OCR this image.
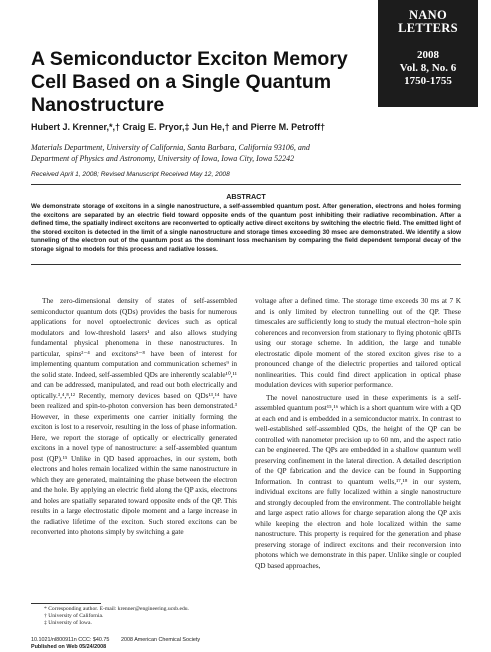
NANO
LETTERS
2008
Vol. 8, No. 6
1750-1755
A Semiconductor Exciton Memory Cell Based on a Single Quantum Nanostructure
Hubert J. Krenner,*,† Craig E. Pryor,‡ Jun He,† and Pierre M. Petroff†
Materials Department, University of California, Santa Barbara, California 93106, and
Department of Physics and Astronomy, University of Iowa, Iowa City, Iowa 52242
Received April 1, 2008; Revised Manuscript Received May 12, 2008
ABSTRACT
We demonstrate storage of excitons in a single nanostructure, a self-assembled quantum post. After generation, electrons and holes forming the excitons are separated by an electric field toward opposite ends of the quantum post inhibiting their radiative recombination. After a defined time, the spatially indirect excitons are reconverted to optically active direct excitons by switching the electric field. The emitted light of the stored exciton is detected in the limit of a single nanostructure and storage times exceeding 30 msec are demonstrated. We identify a slow tunneling of the electron out of the quantum post as the dominant loss mechanism by comparing the field dependent temporal decay of the storage signal to models for this process and radiative losses.

The zero-dimensional density of states of self-assembled semiconductor quantum dots (QDs) provides the basis for numerous applications for novel optoelectronic devices such as optical modulators and low-threshold lasers¹ and also allows studying fundamental physical phenomena in these nanostructures. In particular, spins²⁻⁴ and excitons⁵⁻⁸ have been of interest for implementing quantum computation and communication schemes⁹ in the solid state. Indeed, self-assembled QDs are inherently scalable¹⁰,¹¹ and can be addressed, manipulated, and read out both electrically and optically.³,⁴,⁸,¹² Recently, memory devices based on QDs¹³,¹⁴ have been realized and spin-to-photon conversion has been demonstrated.³ However, in these experiments one carrier initially forming the exciton is lost to a reservoir, resulting in the loss of phase information. Here, we report the storage of optically or electrically generated excitons in a novel type of nanostructure: a self-assembled quantum post (QP).¹⁵ Unlike in QD based approaches, in our system, both electrons and holes remain localized within the same nanostructure in which they are generated, maintaining the phase between the electron and the hole. By applying an electric field along the QP axis, electrons and holes are spatially separated toward opposite ends of the QP. This results in a large electrostatic dipole moment and a large increase in the radiative lifetime of the exciton. Such stored excitons can be reconverted into photons simply by switching a gate

voltage after a defined time. The storage time exceeds 30 ms at 7 K and is only limited by electron tunnelling out of the QP. These timescales are sufficiently long to study the mutual electron−hole spin coherences and reconversion from stationary to flying photonic qBITs using our storage scheme. In addition, the large and tunable electrostatic dipole moment of the stored exciton gives rise to a pronounced change of the dielectric properties and tailored optical nonlinearities. This could find direct application in optical phase modulation devices with superior performance.

The novel nanostructure used in these experiments is a self-assembled quantum post¹⁵,¹⁶ which is a short quantum wire with a QD at each end and is embedded in a semiconductor matrix. In contrast to well-established self-assembled QDs, the height of the QP can be controlled with nanometer precision up to 60 nm, and the aspect ratio can be engineered. The QPs are embedded in a shallow quantum well preserving confinement in the lateral direction. A detailed description of the QP fabrication and the device can be found in Supporting Information. In contrast to quantum wells,¹⁷,¹⁸ in our system, individual excitons are fully localized within a single nanostructure and strongly decoupled from the environment. The controllable height and large aspect ratio allows for charge separation along the QP axis while keeping the electron and hole localized within the same nanostructure. This property is required for the generation and phase preserving storage of indirect excitons and their reconversion into photons which we demonstrate in this paper. Unlike single or coupled QD based approaches,

* Corresponding author. E-mail: krenner@engineering.ucsb.edu.
† University of California.
‡ University of Iowa.
10.1021/nl800911n CCC: $40.75	2008 American Chemical Society
Published on Web 05/24/2008
